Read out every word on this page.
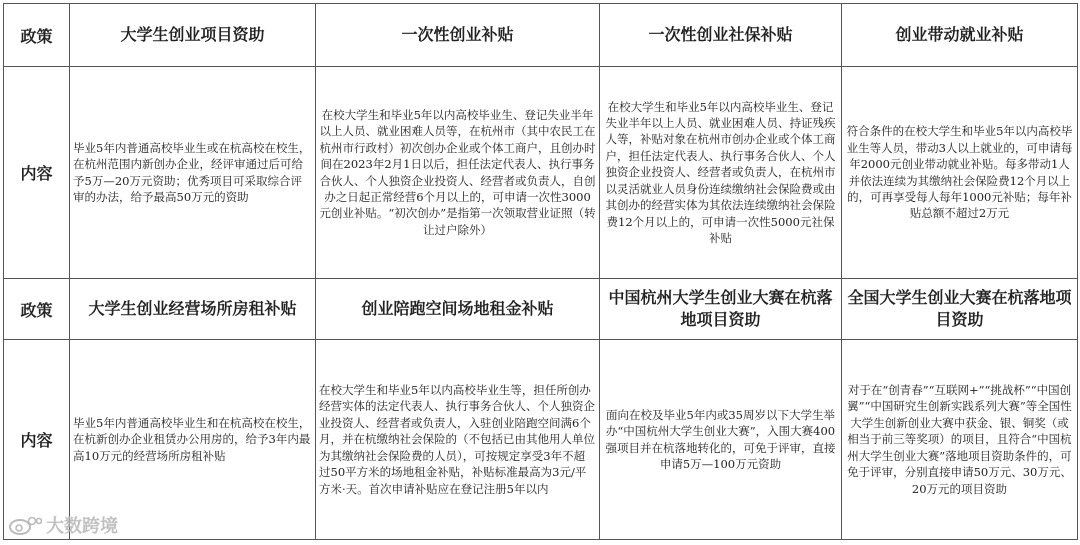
政策	大学生创业项目资助	一次性创业补贴	一次性创业社保补贴	创业带动就业补贴
内容	毕业5年内普通高校毕业生或在杭高校在校生，在杭州范围内新创办企业，经评审通过后可给予5万—20万元资助；优秀项目可采取综合评审的办法，给予最高50万元的资助	在校大学生和毕业5年以内高校毕业生、登记失业半年以上人员、就业困难人员等，在杭州市（其中农民工在杭州市行政村）初次创办企业或个体工商户，且创办时间在2023年2月1日以后，担任法定代表人、执行事务合伙人、个人独资企业投资人、经营者或负责人，自创办之日起正常经营6个月以上的，可申请一次性3000元创业补贴。“初次创办”是指第一次领取营业证照（转让过户除外）	在校大学生和毕业5年以内高校毕业生、登记失业半年以上人员、就业困难人员、持证残疾人等，补贴对象在杭州市创办企业或个体工商户，担任法定代表人、执行事务合伙人、个人独资企业投资人、经营者或负责人，在杭州市以灵活就业人员身份连续缴纳社会保险费或由其创办的经营实体为其依法连续缴纳社会保险费12个月以上的，可申请一次性5000元社保补贴	符合条件的在校大学生和毕业5年以内高校毕业生等人员，带动3人以上就业的，可申请每年2000元创业带动就业补贴。每多带动1人并依法连续为其缴纳社会保险费12个月以上的，可再享受每人每年1000元补贴；每年补贴总额不超过2万元
政策	大学生创业经营场所房租补贴	创业陪跑空间场地租金补贴	中国杭州大学生创业大赛在杭落地项目资助	全国大学生创业大赛在杭落地项目资助
内容	毕业5年内普通高校毕业生和在杭高校在校生，在杭新创办企业租赁办公用房的，给予3年内最高10万元的经营场所房租补贴	在校大学生和毕业5年以内高校毕业生等，担任所创办经营实体的法定代表人、执行事务合伙人、个人独资企业投资人、经营者或负责人，入驻创业陪跑空间满6个月，并在杭缴纳社会保险的（不包括已由其他用人单位为其缴纳社会保险费的人员），可按规定享受3年不超过50平方米的场地租金补贴，补贴标准最高为3元/平方米·天。首次申请补贴应在登记注册5年以内	面向在校及毕业5年内或35周岁以下大学生举办“中国杭州大学生创业大赛”，入围大赛400强项目并在杭落地转化的，可免于评审，直接申请5万—100万元资助	对于在“创青春”“互联网+”“挑战杯”“中国创翼”“中国研究生创新实践系列大赛”等全国性大学生创新创业大赛中获金、银、铜奖（或相当于前三等奖项）的项目，且符合“中国杭州大学生创业大赛”落地项目资助条件的，可免于评审，分别直接申请50万元、30万元、20万元的项目资助
大数跨境
